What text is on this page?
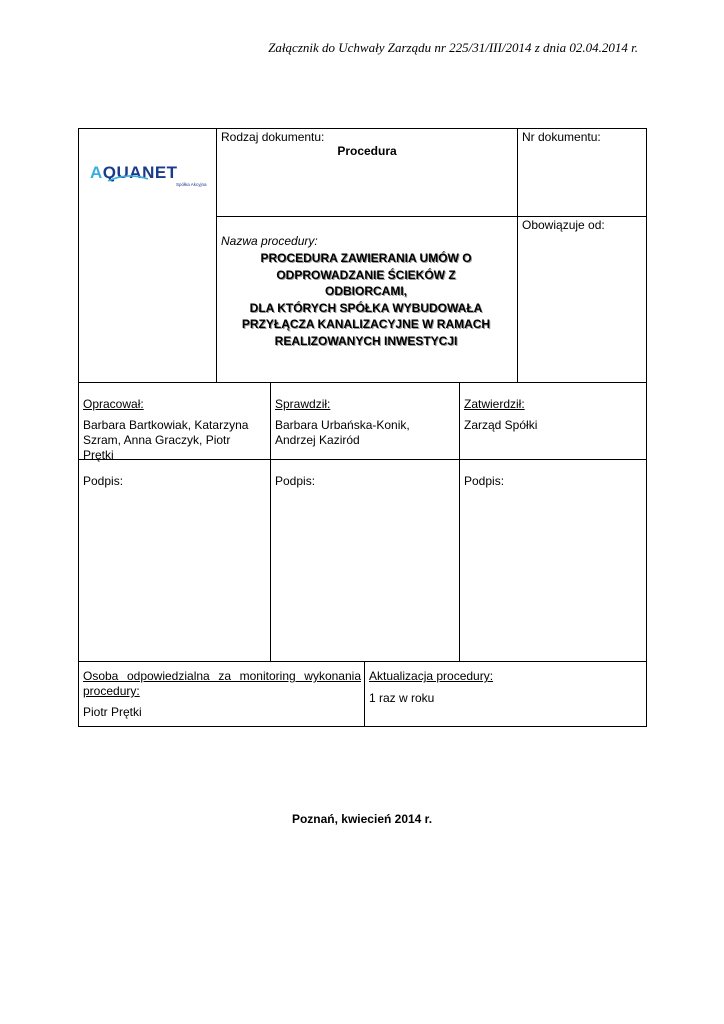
Załącznik do Uchwały Zarządu nr 225/31/III/2014 z dnia 02.04.2014 r.
AQUANET
Spółka Akcyjna
Rodzaj dokumentu:
Procedura
Nr dokumentu:
Nazwa procedury:
PROCEDURA ZAWIERANIA UMÓW O
ODPROWADZANIE ŚCIEKÓW Z
ODBIORCAMI,
DLA KTÓRYCH SPÓŁKA WYBUDOWAŁA
PRZYŁĄCZA KANALIZACYJNE W RAMACH
REALIZOWANYCH INWESTYCJI
Obowiązuje od:
Opracował:
Barbara Bartkowiak, Katarzyna Szram, Anna Graczyk, Piotr Prętki
Sprawdził:
Barbara Urbańska-Konik, Andrzej Kaziród
Zatwierdził:
Zarząd Spółki
Podpis:	Podpis:	Podpis:
Osoba odpowiedzialna za monitoring wykonania procedury:
Piotr Prętki
Aktualizacja procedury:
1 raz w roku
Poznań, kwiecień 2014 r.
